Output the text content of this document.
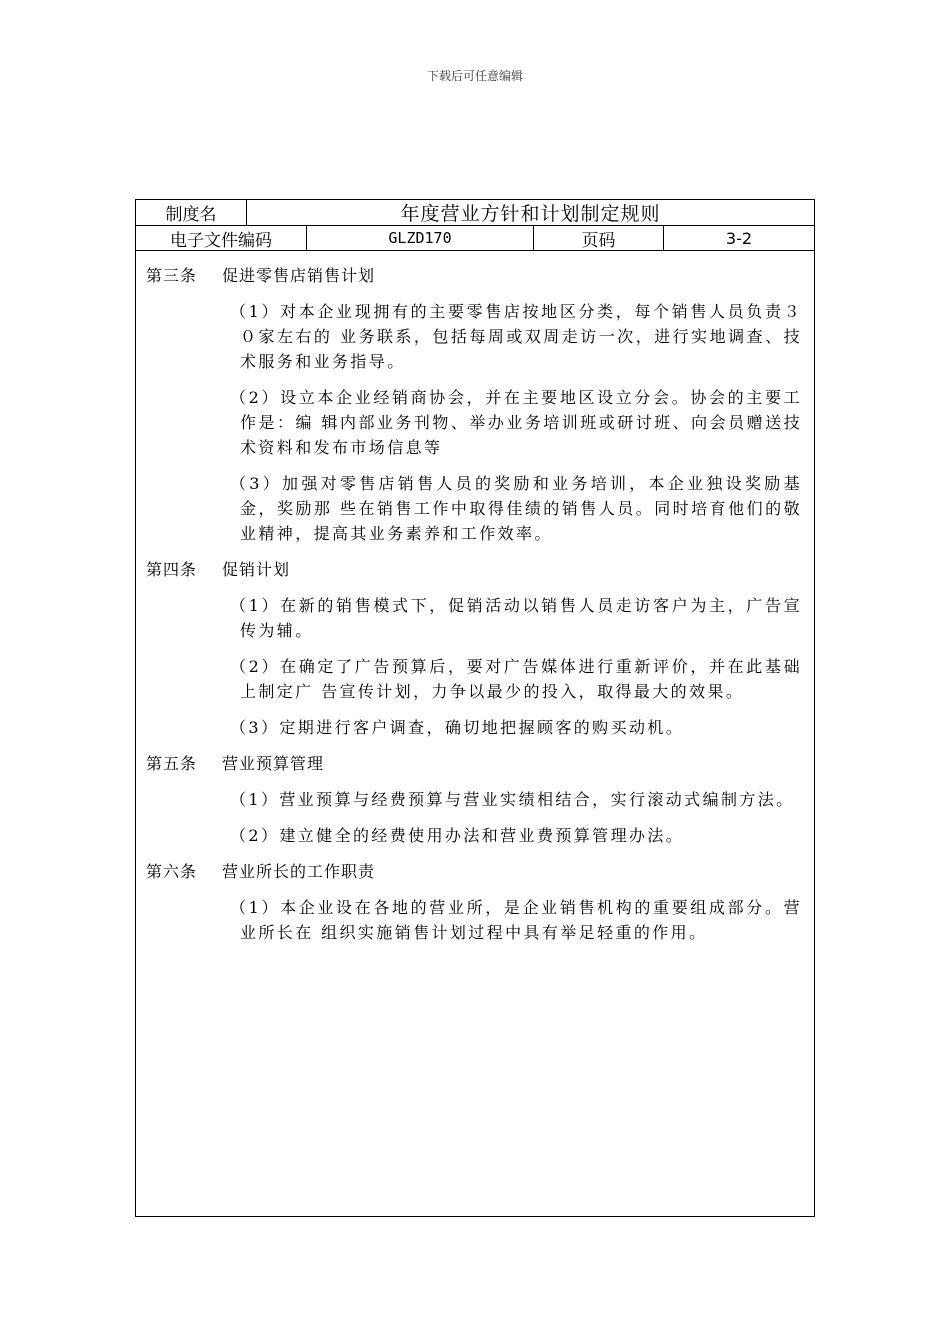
下载后可任意编辑
制度名	年度营业方针和计划制定规则
电子文件编码	GLZD170	页码	3-2
第三条 促进零售店销售计划
（1）对本企业现拥有的主要零售店按地区分类，每个销售人员负责３０家左右的 业务联系，包括每周或双周走访一次，进行实地调查、技术服务和业务指导。
（2）设立本企业经销商协会，并在主要地区设立分会。协会的主要工作是：编 辑内部业务刊物、举办业务培训班或研讨班、向会员赠送技术资料和发布市场信息等
（3）加强对零售店销售人员的奖励和业务培训，本企业独设奖励基金，奖励那 些在销售工作中取得佳绩的销售人员。同时培育他们的敬业精神，提高其业务素养和工作效率。
第四条 促销计划
（1）在新的销售模式下，促销活动以销售人员走访客户为主，广告宣传为辅。
（2）在确定了广告预算后，要对广告媒体进行重新评价，并在此基础上制定广 告宣传计划，力争以最少的投入，取得最大的效果。
（3）定期进行客户调查，确切地把握顾客的购买动机。
第五条 营业预算管理
（1）营业预算与经费预算与营业实绩相结合，实行滚动式编制方法。
（2）建立健全的经费使用办法和营业费预算管理办法。
第六条 营业所长的工作职责
（1）本企业设在各地的营业所，是企业销售机构的重要组成部分。营业所长在 组织实施销售计划过程中具有举足轻重的作用。
